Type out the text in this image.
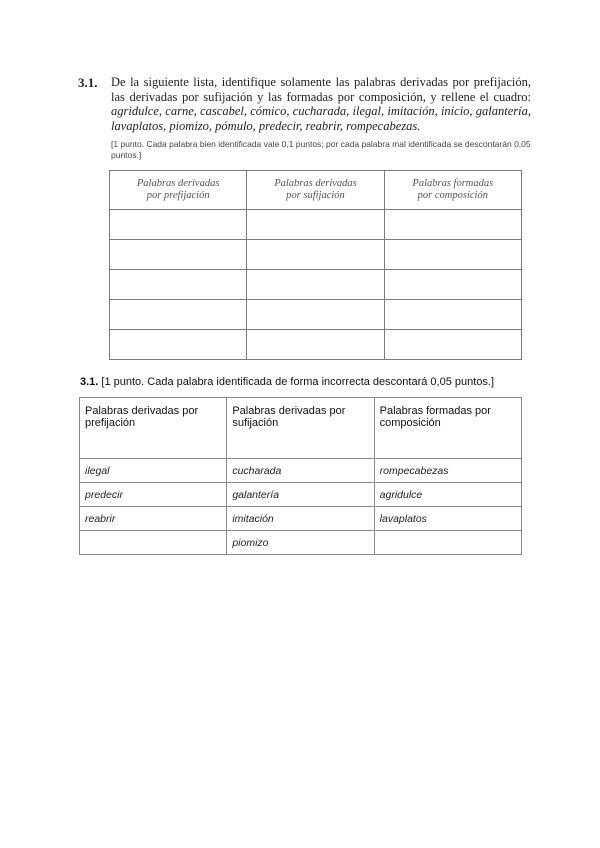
3.1. De la siguiente lista, identifique solamente las palabras derivadas por prefijación, las derivadas por sufijación y las formadas por composición, y rellene el cuadro: agridulce, carne, cascabel, cómico, cucharada, ilegal, imitación, inicio, galantería, lavaplatos, piomizo, pómulo, predecir, reabrir, rompecabezas.
[1 punto. Cada palabra bien identificada vale 0,1 puntos; por cada palabra mal identificada se descontarán 0,05 puntos.]
Palabras derivadas
por prefijación	Palabras derivadas
por sufijación	Palabras formadas
por composición

3.1. [1 punto. Cada palabra identificada de forma incorrecta descontará 0,05 puntos.]
Palabras derivadas por prefijación	Palabras derivadas por sufijación	Palabras formadas por composición
ilegal	cucharada	rompecabezas
predecir	galantería	agridulce
reabrir	imitación	lavaplatos
	piomizo	
